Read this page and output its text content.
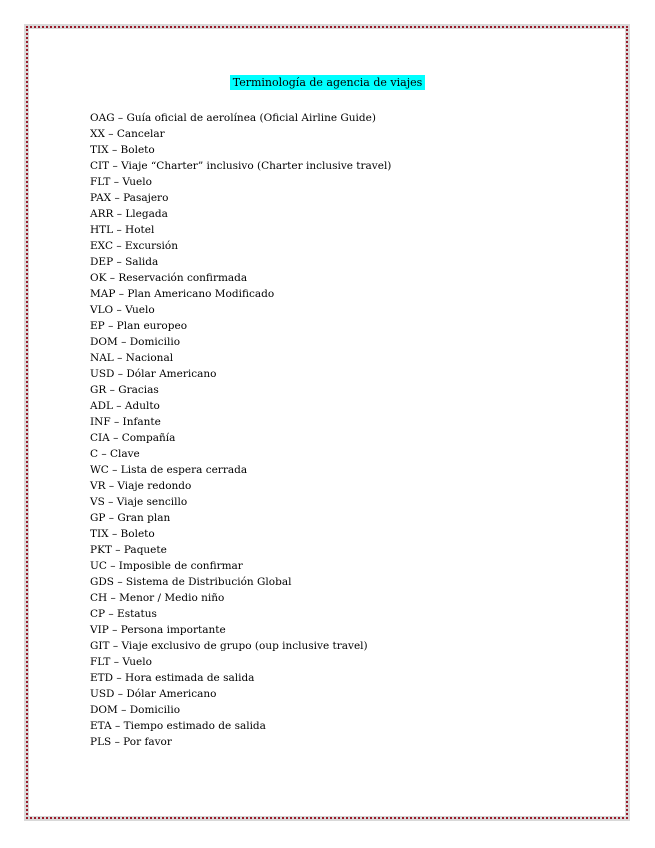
Terminología de agencia de viajes
OAG – Guía oficial de aerolínea (Oficial Airline Guide)
XX – Cancelar
TIX – Boleto
CIT – Viaje “Charter” inclusivo (Charter inclusive travel)
FLT – Vuelo
PAX – Pasajero
ARR – Llegada
HTL – Hotel
EXC – Excursión
DEP – Salida
OK – Reservación confirmada
MAP – Plan Americano Modificado
VLO – Vuelo
EP – Plan europeo
DOM – Domicilio
NAL – Nacional
USD – Dólar Americano
GR – Gracias
ADL – Adulto
INF – Infante
CIA – Compañía
C – Clave
WC – Lista de espera cerrada
VR – Viaje redondo
VS – Viaje sencillo
GP – Gran plan
TIX – Boleto
PKT – Paquete
UC – Imposible de confirmar
GDS – Sistema de Distribución Global
CH – Menor / Medio niño
CP – Estatus
VIP – Persona importante
GIT – Viaje exclusivo de grupo (oup inclusive travel)
FLT – Vuelo
ETD – Hora estimada de salida
USD – Dólar Americano
DOM – Domicilio
ETA – Tiempo estimado de salida
PLS – Por favor
